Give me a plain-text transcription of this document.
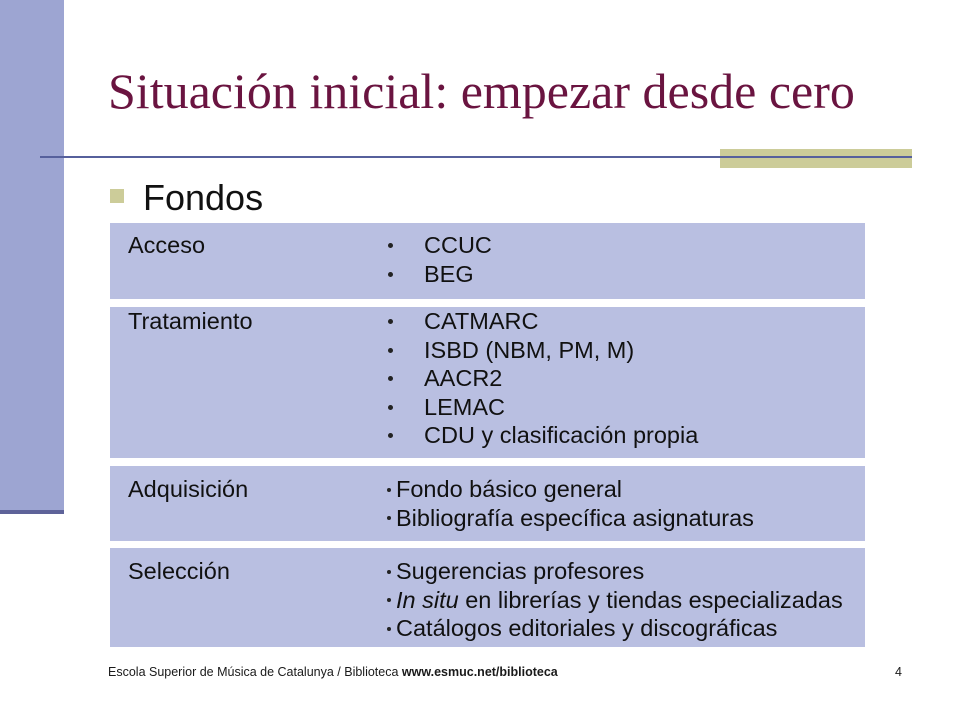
Situación inicial: empezar desde cero
Fondos
Acceso	CCUC
BEG
Tratamiento	CATMARC
ISBD (NBM, PM, M)
AACR2
LEMAC
CDU y clasificación propia
Adquisición	Fondo básico general
Bibliografía específica asignaturas
Selección	Sugerencias profesores
In situ en librerías y tiendas especializadas
Catálogos editoriales y discográficas
Escola Superior de Música de Catalunya / Biblioteca www.esmuc.net/biblioteca	4
